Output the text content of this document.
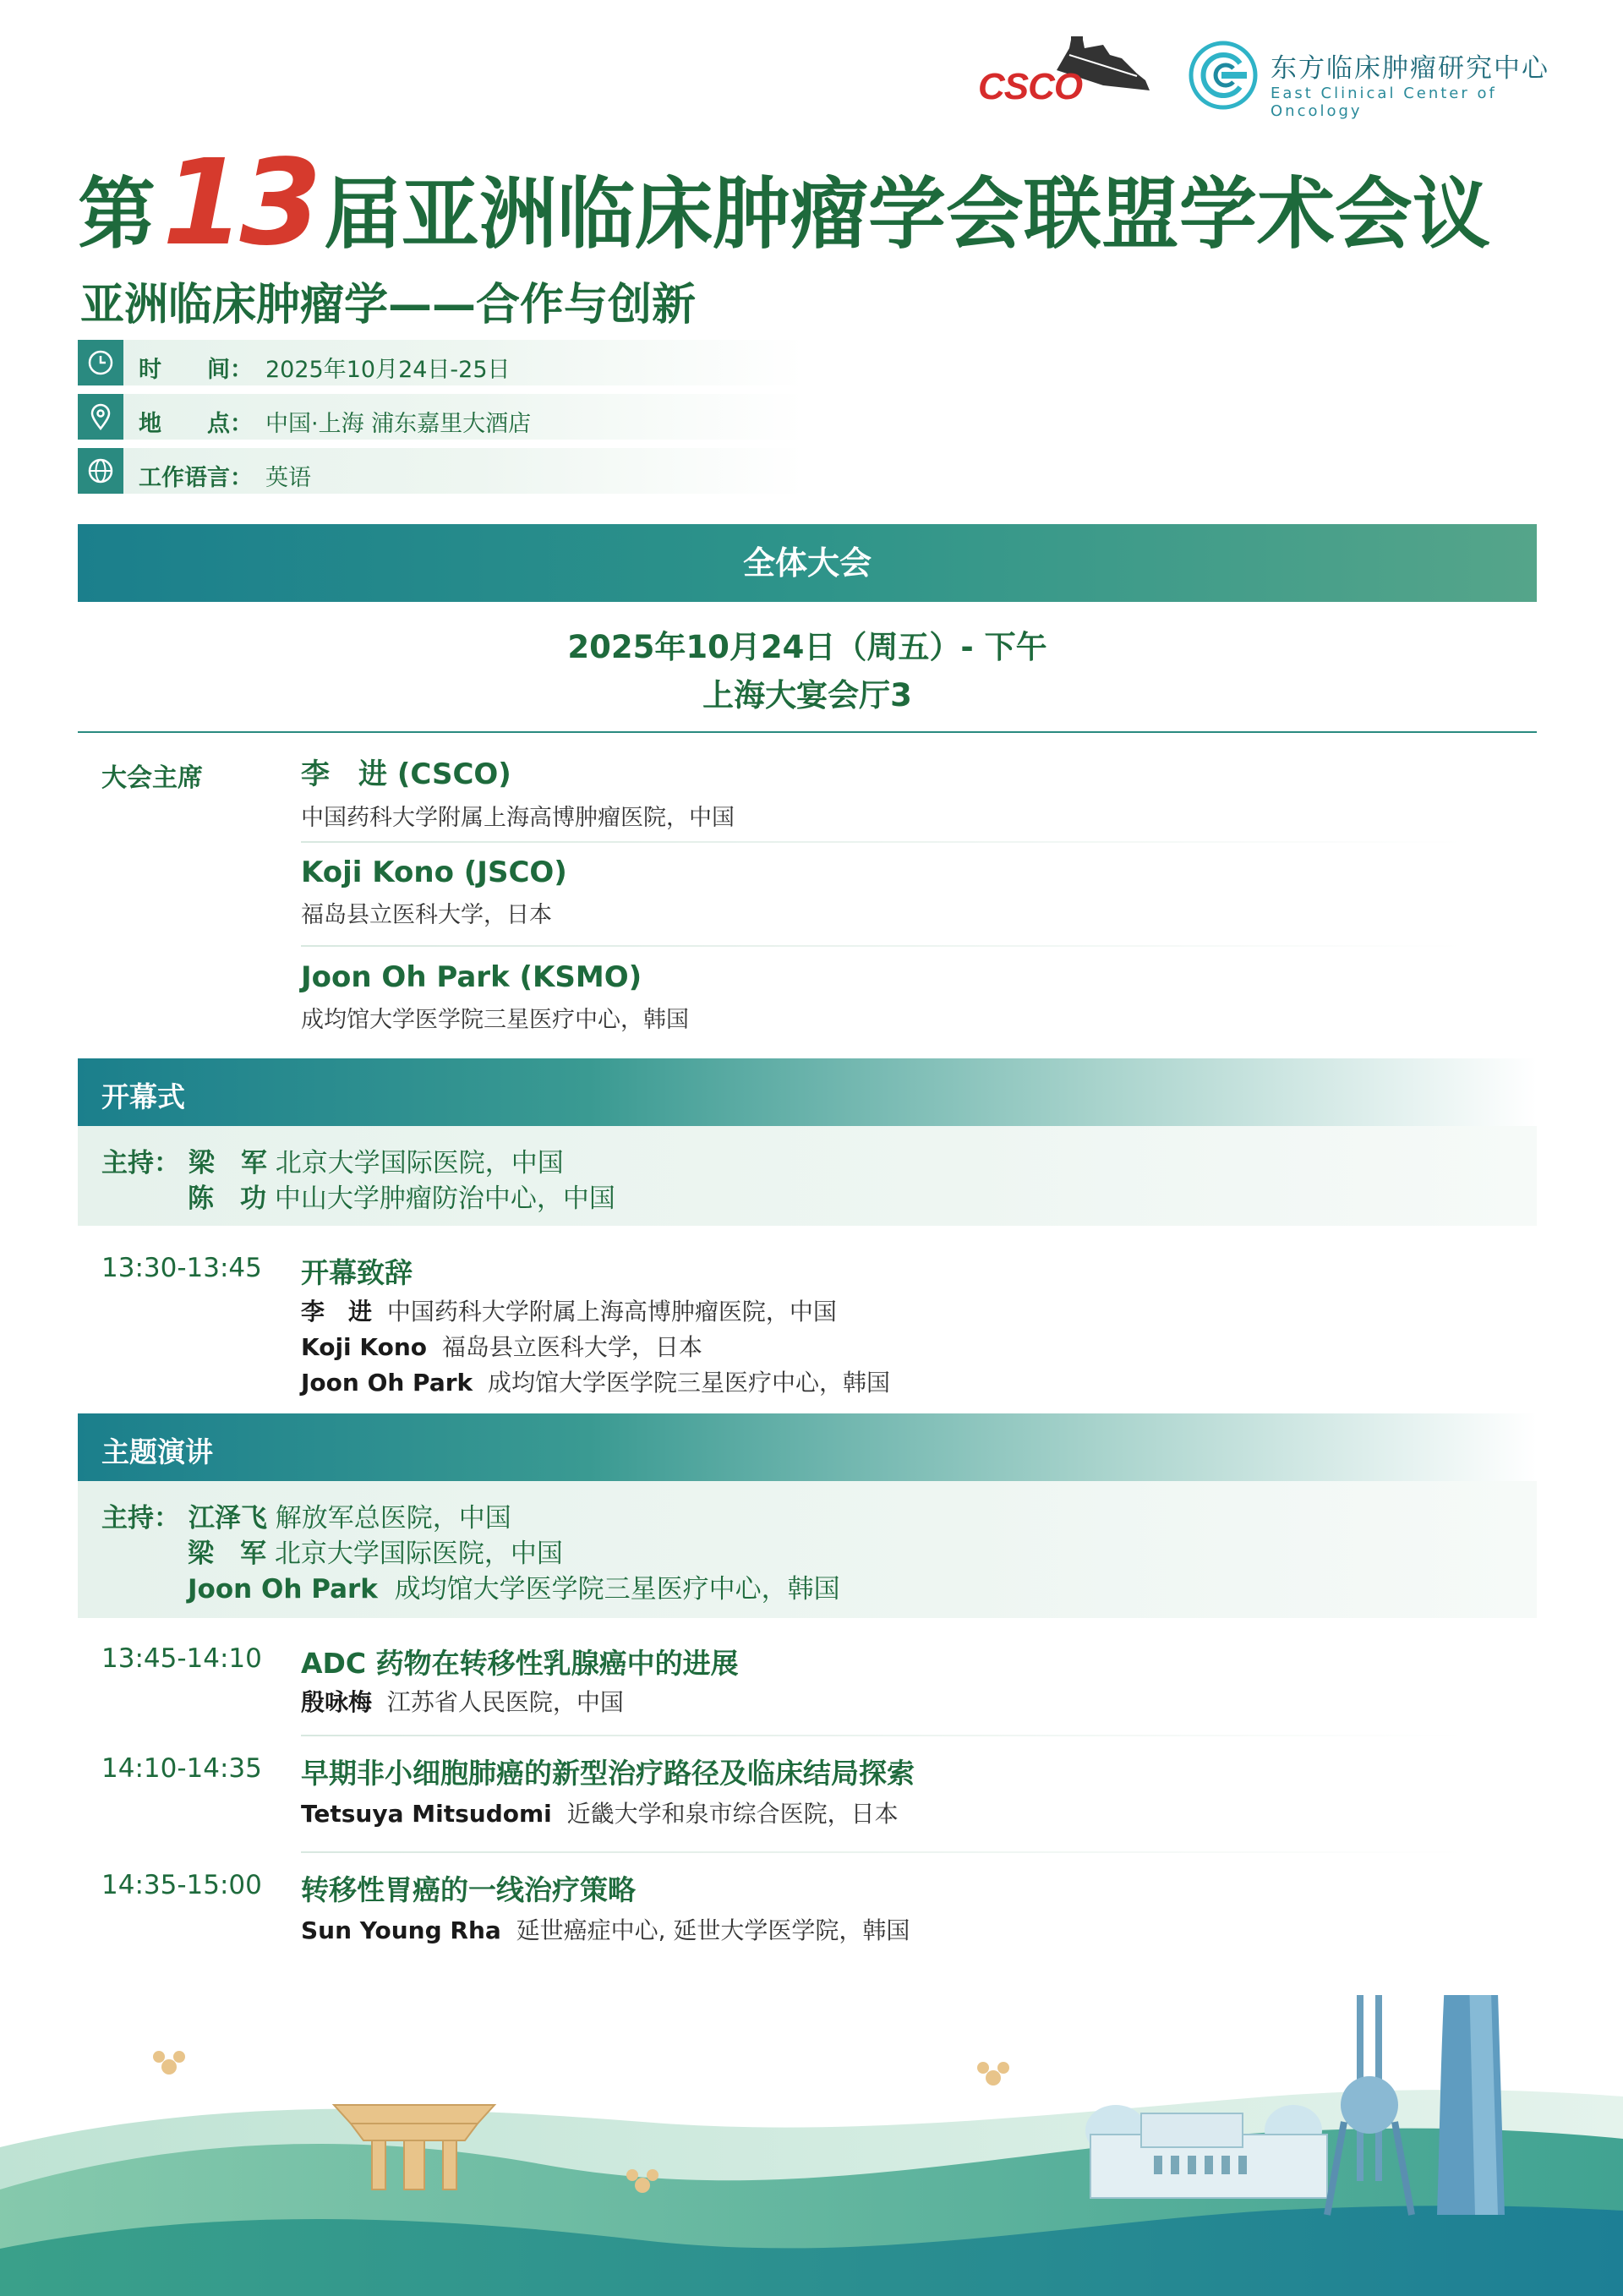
CSCO	东方临床肿瘤研究中心
East Clinical Center of Oncology
第 13 届亚洲临床肿瘤学会联盟学术会议
亚洲临床肿瘤学——合作与创新
时　　间： 2025年10月24日-25日
地　　点： 中国·上海 浦东嘉里大酒店
工作语言： 英语
全体大会
2025年10月24日（周五）- 下午
上海大宴会厅3
大会主席	李　进 (CSCO)
中国药科大学附属上海高博肿瘤医院，中国
Koji Kono (JSCO)
福岛县立医科大学，日本
Joon Oh Park (KSMO)
成均馆大学医学院三星医疗中心，韩国
开幕式
主持： 梁　军 北京大学国际医院，中国
陈　功 中山大学肿瘤防治中心，中国
13:30-13:45 开幕致辞
李　进 中国药科大学附属上海高博肿瘤医院，中国
Koji Kono 福岛县立医科大学，日本
Joon Oh Park 成均馆大学医学院三星医疗中心，韩国
主题演讲
主持： 江泽飞 解放军总医院，中国
梁　军 北京大学国际医院，中国
Joon Oh Park 成均馆大学医学院三星医疗中心，韩国
13:45-14:10 ADC 药物在转移性乳腺癌中的进展
殷咏梅 江苏省人民医院，中国
14:10-14:35 早期非小细胞肺癌的新型治疗路径及临床结局探索
Tetsuya Mitsudomi 近畿大学和泉市综合医院，日本
14:35-15:00 转移性胃癌的一线治疗策略
Sun Young Rha 延世癌症中心, 延世大学医学院，韩国
